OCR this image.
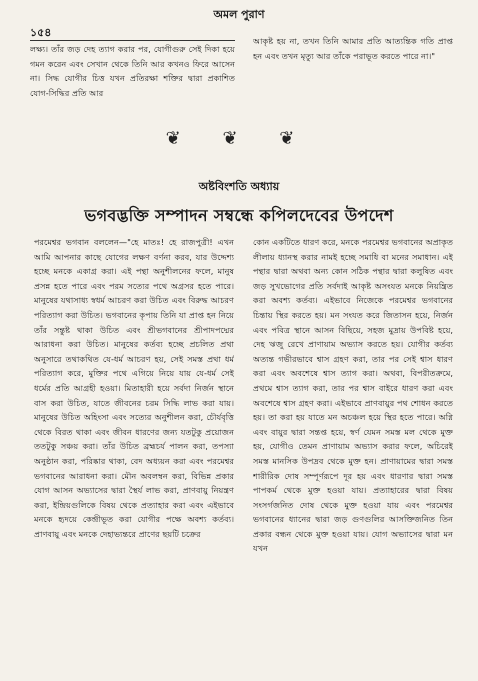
অমল পুরাণ
১৫৪
লক্ষ্য। তাঁর জড় দেহ ত্যাগ করার পর, যোগীগুরু সেই দিকা হয়ে গমন করেন এবং সেখান থেকে তিনি আর কখনও ফিরে আসেন না। সিদ্ধ যোগীর চিত্ত যখন প্রতিরক্ষা শক্তির দ্বারা প্রকাশিত যোগ-সিদ্ধির প্রতি আর
আকৃষ্ট হয় না, তখন তিনি আমার প্রতি আত্যন্তিক গতি প্রাপ্ত হন এবং তখন মৃত্যু আর তাঁকে পরাভূত করতে পারে না।"
❦ ❦ ❦
অষ্টবিংশতি অধ্যায়
ভগবদ্ভক্তি সম্পাদন সম্বন্ধে কপিলদেবের উপদেশ
পরমেশ্বর ভগবান বললেন—"হে মাতঃ! হে রাজপুত্রী! এখন আমি আপনার কাছে যোগের লক্ষণ বর্ণনা করব, যার উদ্দেশ্য হচ্ছে মনকে একাগ্র করা। এই পন্থা অনুশীলনের ফলে, মানুষ প্রসন্ন হতে পারে এবং পরম সত্যের পথে অগ্রসর হতে পারে। মানুষের যথাসাধ্য স্বধর্ম আচরণ করা উচিত এবং বিরুদ্ধ আচরণ পরিত্যাগ করা উচিত। ভগবানের কৃপায় তিনি যা প্রাপ্ত হন নিয়ে তাঁর সন্তুষ্ট থাকা উচিত এবং শ্রীভগবানের শ্রীপাদপদ্মের আরাধনা করা উচিত। মানুষের কর্তব্য হচ্ছে প্রচলিত প্রথা অনুসারে তথাকথিত যে-ধর্ম আচরণ হয়, সেই সমস্ত প্রথা ধর্ম পরিত্যাগ করে, মুক্তির পথে এগিয়ে নিয়ে যায় যে-ধর্ম সেই ধর্মের প্রতি আগ্রহী হওয়া। মিতাহারী হয়ে সর্বদা নির্জন স্থানে বাস করা উচিত, যাতে জীবনের চরম সিদ্ধি লাভ করা যায়। মানুষের উচিত অহিংসা এবং সত্যের অনুশীলন করা, চৌর্যবৃত্তি থেকে বিরত থাকা এবং জীবন ধারণের জন্য যতটুকু প্রয়োজন ততটুকু সঞ্চয় করা। তাঁর উচিত ব্রহ্মচর্য পালন করা, তপস্যা অনুষ্ঠান করা, পরিষ্কার থাকা, বেদ অধ্যয়ন করা এবং পরমেশ্বর ভগবানের আরাধনা করা। মৌন অবলম্বন করা, বিভিন্ন প্রকার যোগ আসন অভ্যাসের দ্বারা স্থৈর্য লাভ করা, প্রাণবায়ু নিয়ন্ত্রণ করা, ইন্দ্রিয়গুলিকে বিষয় থেকে প্রত্যাহার করা এবং এইভাবে মনকে হৃদয়ে কেন্দ্রীভূত করা যোগীর পক্ষে অবশ্য কর্তব্য। প্রাণবায়ু এবং মনকে দেহাভ্যন্তরে প্রাণের ছয়টি চক্রের
কোন একটিতে ধারণ করে, মনকে পরমেশ্বর ভগবানের অপ্রাকৃত লীলায় ধ্যানস্থ করার নামই হচ্ছে সমাধি বা মনের সমাধান। এই পন্থার দ্বারা অথবা অন্য কোন সঠিক পন্থার দ্বারা কলুষিত এবং জড় সুখভোগের প্রতি সর্বদাই আকৃষ্ট অসংযত মনকে নিয়ন্ত্রিত করা অবশ্য কর্তব্য। এইভাবে নিজেকে পরমেশ্বর ভগবানের চিন্তায় স্থির করতে হয়। মন সংযত করে জিতাসন হয়ে, নির্জন এবং পবিত্র স্থানে আসন বিছিয়ে, সহজ মুদ্রায় উপবিষ্ট হয়ে, দেহ ঋজু রেখে প্রাণায়াম অভ্যাস করতে হয়। যোগীর কর্তব্য অত্যন্ত গভীরভাবে শ্বাস গ্রহণ করা, তার পর সেই শ্বাস ধারণ করা এবং অবশেষে শ্বাস ত্যাগ করা। অথবা, বিপরীতক্রমে, প্রথমে শ্বাস ত্যাগ করা, তার পর শ্বাস বাইরে ধারণ করা এবং অবশেষে শ্বাস গ্রহণ করা। এইভাবে প্রাণবায়ুর পথ শোধন করতে হয়। তা করা হয় যাতে মন অচঞ্চল হয়ে স্থির হতে পারে। অগ্নি এবং বায়ুর দ্বারা সন্তপ্ত হয়ে, স্বর্ণ যেমন সমস্ত মল থেকে মুক্ত হয়, যোগীও তেমন প্রাণায়াম অভ্যাস করার ফলে, অচিরেই সমস্ত মানসিক উপদ্রব থেকে মুক্ত হন। প্রাণায়ামের দ্বারা সমস্ত শারীরিক দোষ সম্পূর্ণরূপে দূর হয় এবং ধারণার দ্বারা সমস্ত পাপকর্ম থেকে মুক্ত হওয়া যায়। প্রত্যাহারের দ্বারা বিষয় সংসর্গজনিত দোষ থেকে মুক্ত হওয়া যায় এবং পরমেশ্বর ভগবানের ধ্যানের দ্বারা জড় গুণগুলির আসক্তিজনিত তিন প্রকার বন্ধন থেকে মুক্ত হওয়া যায়। যোগ অভ্যাসের দ্বারা মন যখন
